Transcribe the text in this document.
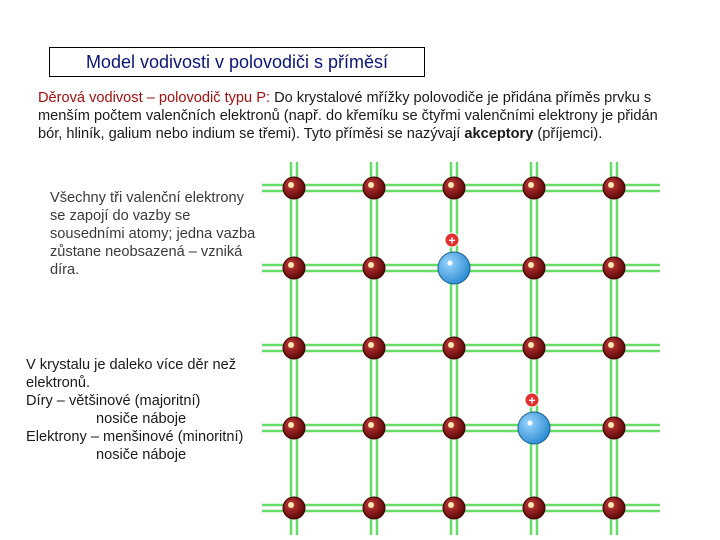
Model vodivosti v polovodiči s příměsí
Děrová vodivost – polovodič typu P: Do krystalové mřížky polovodiče je přidána příměs prvku s menším počtem valenčních elektronů (např. do křemíku se čtyřmi valenčními elektrony je přidán bór, hliník, galium nebo indium se třemi). Tyto příměsi se nazývají akceptory (příjemci).
Všechny tři valenční elektrony se zapojí do vazby se sousedními atomy; jedna vazba zůstane neobsazená – vzniká díra.
V krystalu je daleko více děr než elektronů.
Díry – většinové (majoritní)
nosiče náboje
Elektrony – menšinové (minoritní)
nosiče náboje
+
+
